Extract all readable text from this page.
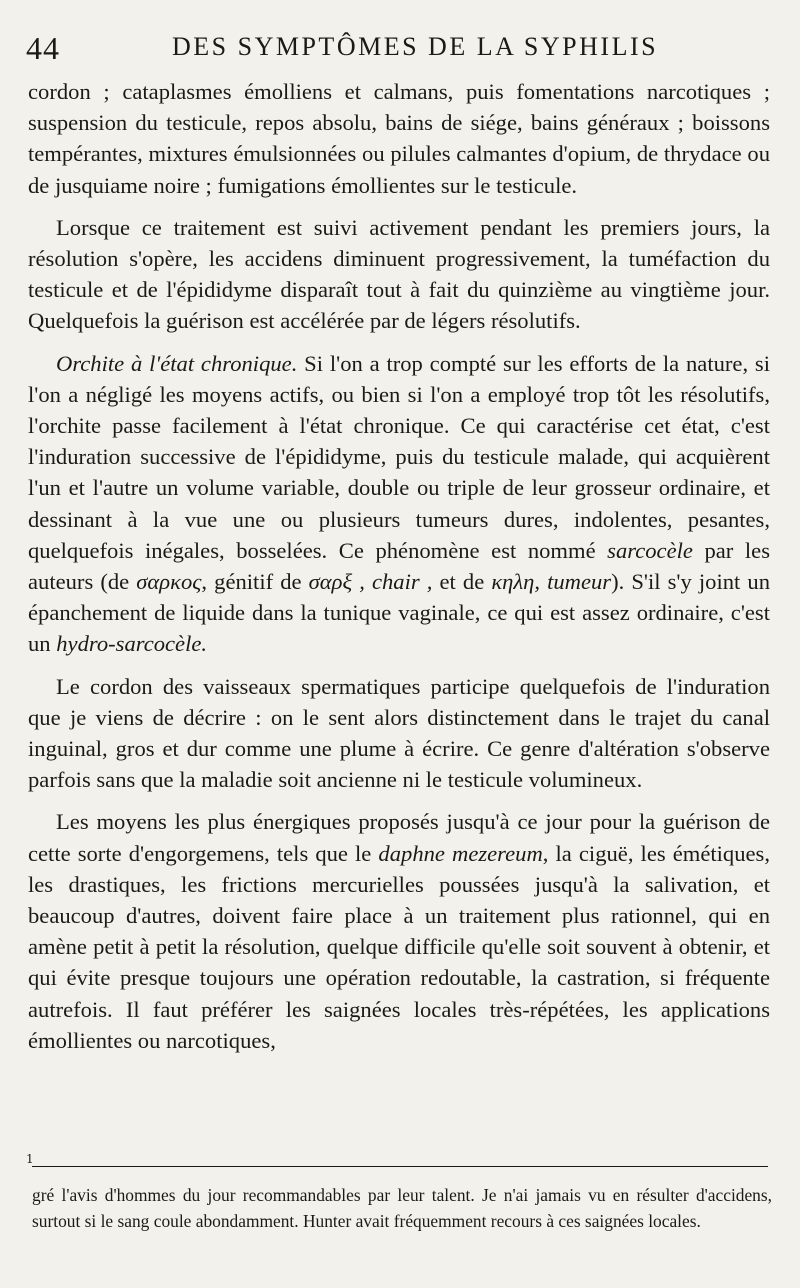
44	DES SYMPTÔMES DE LA SYPHILIS

cordon ; cataplasmes émolliens et calmans, puis fomentations narcotiques ; suspension du testicule, repos absolu, bains de siége, bains généraux ; boissons tempérantes, mixtures émulsionnées ou pilules calmantes d'opium, de thrydace ou de jusquiame noire ; fumigations émollientes sur le testicule.

Lorsque ce traitement est suivi activement pendant les premiers jours, la résolution s'opère, les accidens diminuent progressivement, la tuméfaction du testicule et de l'épididyme disparaît tout à fait du quinzième au vingtième jour. Quelquefois la guérison est accélérée par de légers résolutifs.

Orchite à l'état chronique. Si l'on a trop compté sur les efforts de la nature, si l'on a négligé les moyens actifs, ou bien si l'on a employé trop tôt les résolutifs, l'orchite passe facilement à l'état chronique. Ce qui caractérise cet état, c'est l'induration successive de l'épididyme, puis du testicule malade, qui acquièrent l'un et l'autre un volume variable, double ou triple de leur grosseur ordinaire, et dessinant à la vue une ou plusieurs tumeurs dures, indolentes, pesantes, quelquefois inégales, bosselées. Ce phénomène est nommé sarcocèle par les auteurs (de σαρκος, génitif de σαρξ , chair , et de κηλη, tumeur). S'il s'y joint un épanchement de liquide dans la tunique vaginale, ce qui est assez ordinaire, c'est un hydro-sarcocèle.

Le cordon des vaisseaux spermatiques participe quelquefois de l'induration que je viens de décrire : on le sent alors distinctement dans le trajet du canal inguinal, gros et dur comme une plume à écrire. Ce genre d'altération s'observe parfois sans que la maladie soit ancienne ni le testicule volumineux.

Les moyens les plus énergiques proposés jusqu'à ce jour pour la guérison de cette sorte d'engorgemens, tels que le daphne mezereum, la ciguë, les émétiques, les drastiques, les frictions mercurielles poussées jusqu'à la salivation, et beaucoup d'autres, doivent faire place à un traitement plus rationnel, qui en amène petit à petit la résolution, quelque difficile qu'elle soit souvent à obtenir, et qui évite presque toujours une opération redoutable, la castration, si fréquente autrefois. Il faut préférer les saignées locales très-répétées, les applications émollientes ou narcotiques,

1
gré l'avis d'hommes du jour recommandables par leur talent. Je n'ai jamais vu en résulter d'accidens, surtout si le sang coule abondamment. Hunter avait fréquemment recours à ces saignées locales.
